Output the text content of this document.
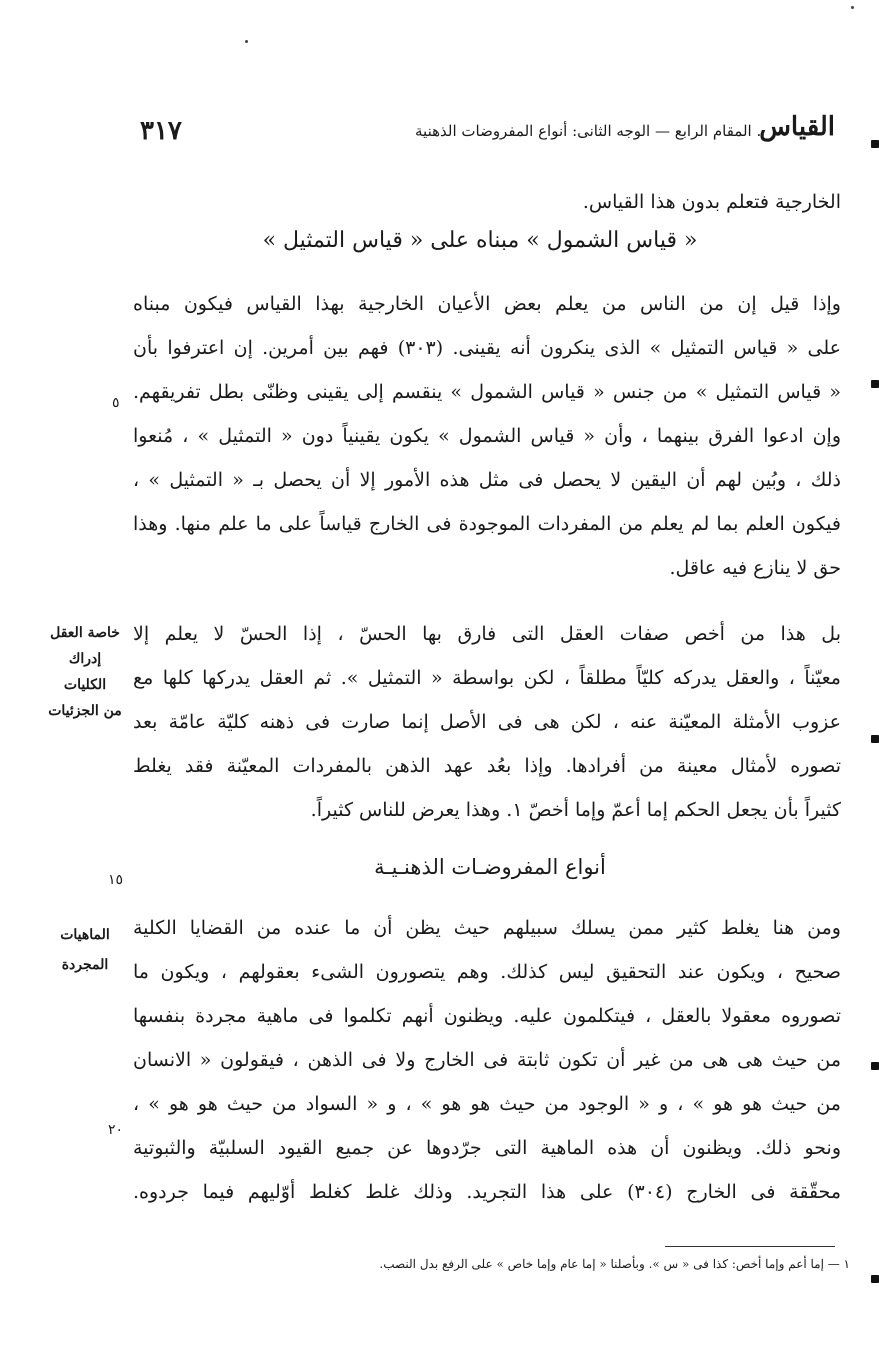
٣١٧	. المقام الرابع — الوجه الثانى: أنواع المفروضات الذهنية
القياس
الخارجية فتعلم بدون هذا القياس.
« قياس الشمول » مبناه على « قياس التمثيل »
وإذا قيل إن من الناس من يعلم بعض الأعيان الخارجية بهذا القياس فيكون مبناه
على « قياس التمثيل » الذى ينكرون أنه يقينى. (٣٠٣) فهم بين أمرين. إن اعترفوا بأن
« قياس التمثيل » من جنس « قياس الشمول » ينقسم إلى يقينى وظنّى بطل تفريقهم.
وإن ادعوا الفرق بينهما ، وأن « قياس الشمول » يكون يقينياً دون « التمثيل » ، مُنعوا
ذلك ، وبُين لهم أن اليقين لا يحصل فى مثل هذه الأمور إلا أن يحصل بـ « التمثيل » ،
فيكون العلم بما لم يعلم من المفردات الموجودة فى الخارج قياساً على ما علم منها. وهذا
حق لا ينازع فيه عاقل.
بل هذا من أخص صفات العقل التى فارق بها الحسّ ، إذا الحسّ لا يعلم إلا
معيّناً ، والعقل يدركه كليّاً مطلقاً ، لكن بواسطة « التمثيل ». ثم العقل يدركها كلها مع
عزوب الأمثلة المعيّنة عنه ، لكن هى فى الأصل إنما صارت فى ذهنه كليّة عامّة بعد
تصوره لأمثال معينة من أفرادها. وإذا بعُد عهد الذهن بالمفردات المعيّنة فقد يغلط
كثيراً بأن يجعل الحكم إما أعمّ وإما أخصّ ١. وهذا يعرض للناس كثيراً.
أنواع المفروضـات الذهنـيـة
ومن هنا يغلط كثير ممن يسلك سبيلهم حيث يظن أن ما عنده من القضايا الكلية
صحيح ، ويكون عند التحقيق ليس كذلك. وهم يتصورون الشىء بعقولهم ، ويكون ما
تصوروه معقولا بالعقل ، فيتكلمون عليه. ويظنون أنهم تكلموا فى ماهية مجردة بنفسها
من حيث هى هى من غير أن تكون ثابتة فى الخارج ولا فى الذهن ، فيقولون « الانسان
من حيث هو هو » ، و « الوجود من حيث هو هو » ، و « السواد من حيث هو هو » ،
ونحو ذلك. ويظنون أن هذه الماهية التى جرّدوها عن جميع القيود السلبيّة والثبوتية
محقّقة فى الخارج (٣٠٤) على هذا التجريد. وذلك غلط كغلط أوّليهم فيما جردوه.
خاصة العقل
إدراك
الكليات
من الجزئيات
الماهيات
المجردة
٥
١٥
٢٠
١ — إما أعم وإما أخص: كذا فى « س ». وبأصلنا « إما عام وإما خاص » على الرفع بدل النصب.
